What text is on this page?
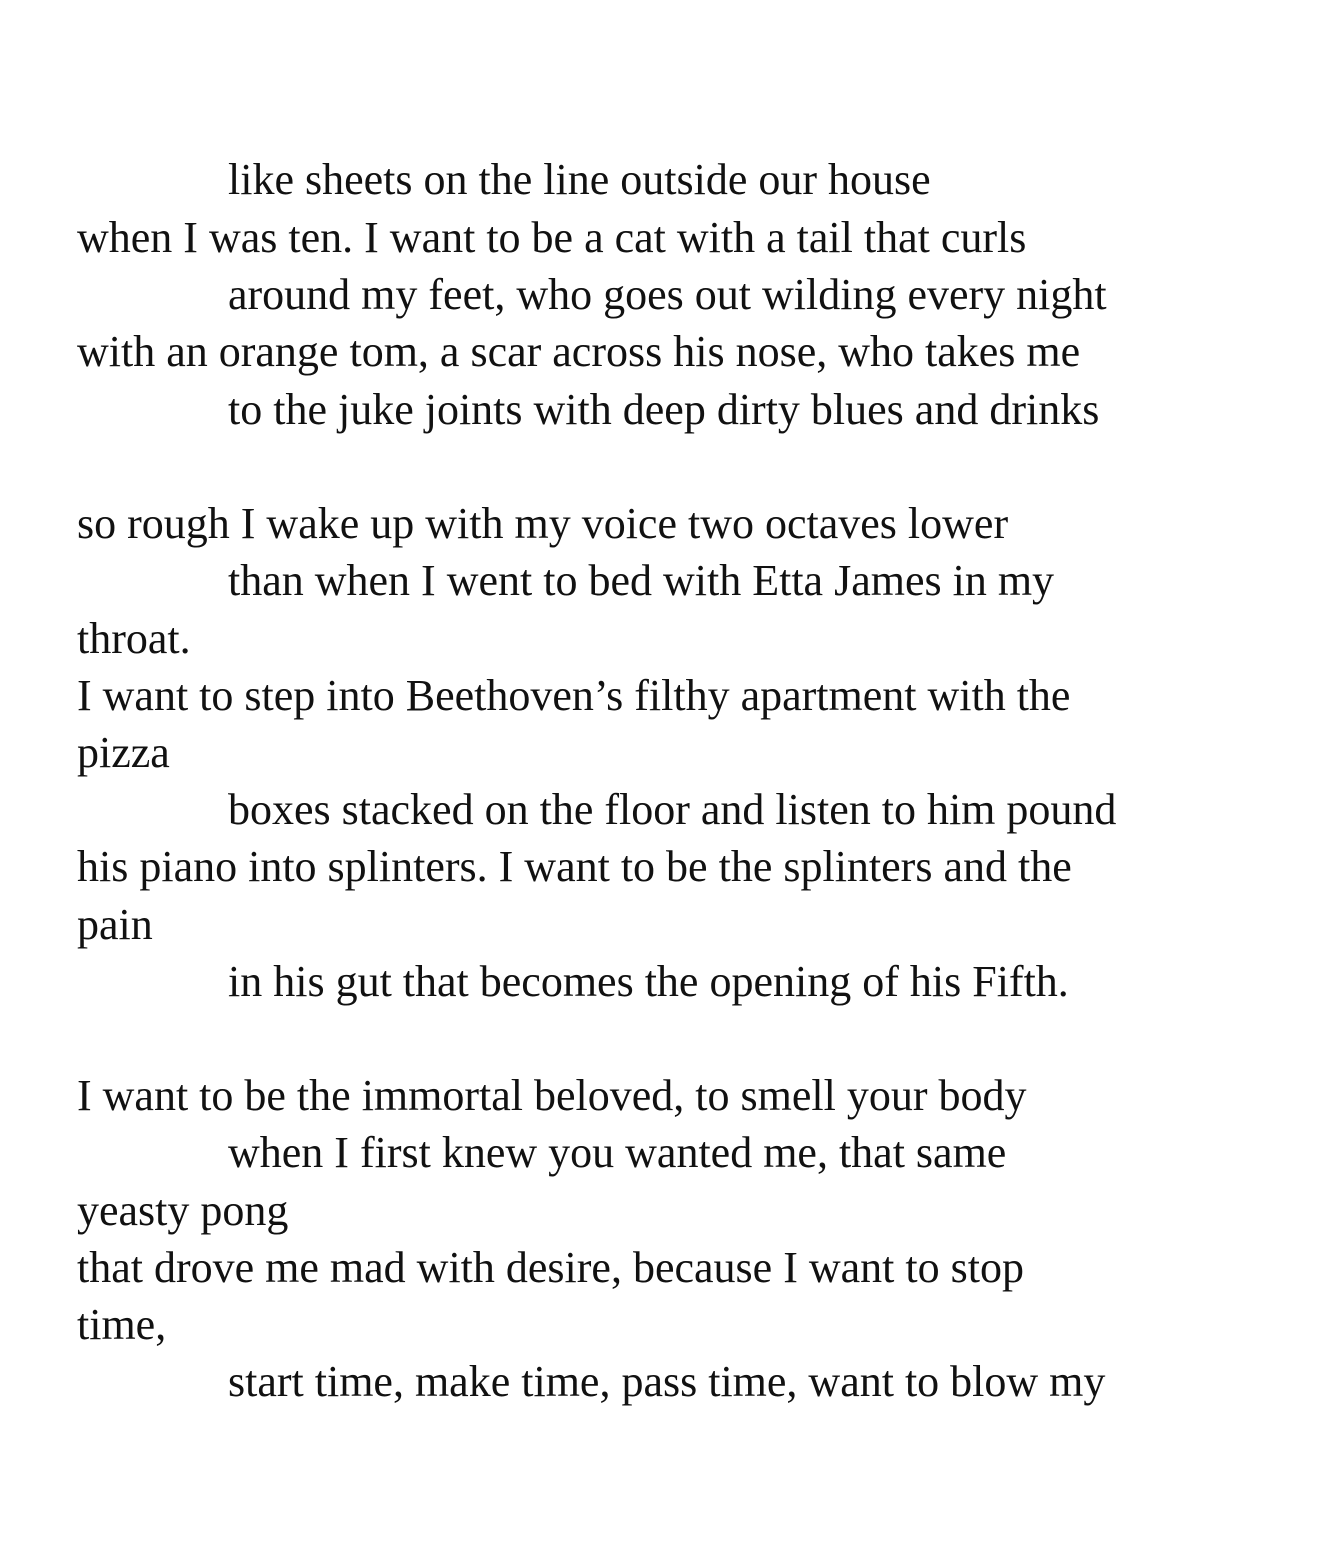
like sheets on the line outside our house
when I was ten. I want to be a cat with a tail that curls
around my feet, who goes out wilding every night
with an orange tom, a scar across his nose, who takes me
to the juke joints with deep dirty blues and drinks
so rough I wake up with my voice two octaves lower
than when I went to bed with Etta James in my
throat.
I want to step into Beethoven’s filthy apartment with the
pizza
boxes stacked on the floor and listen to him pound
his piano into splinters. I want to be the splinters and the
pain
in his gut that becomes the opening of his Fifth.
I want to be the immortal beloved, to smell your body
when I first knew you wanted me, that same
yeasty pong
that drove me mad with desire, because I want to stop
time,
start time, make time, pass time, want to blow my
